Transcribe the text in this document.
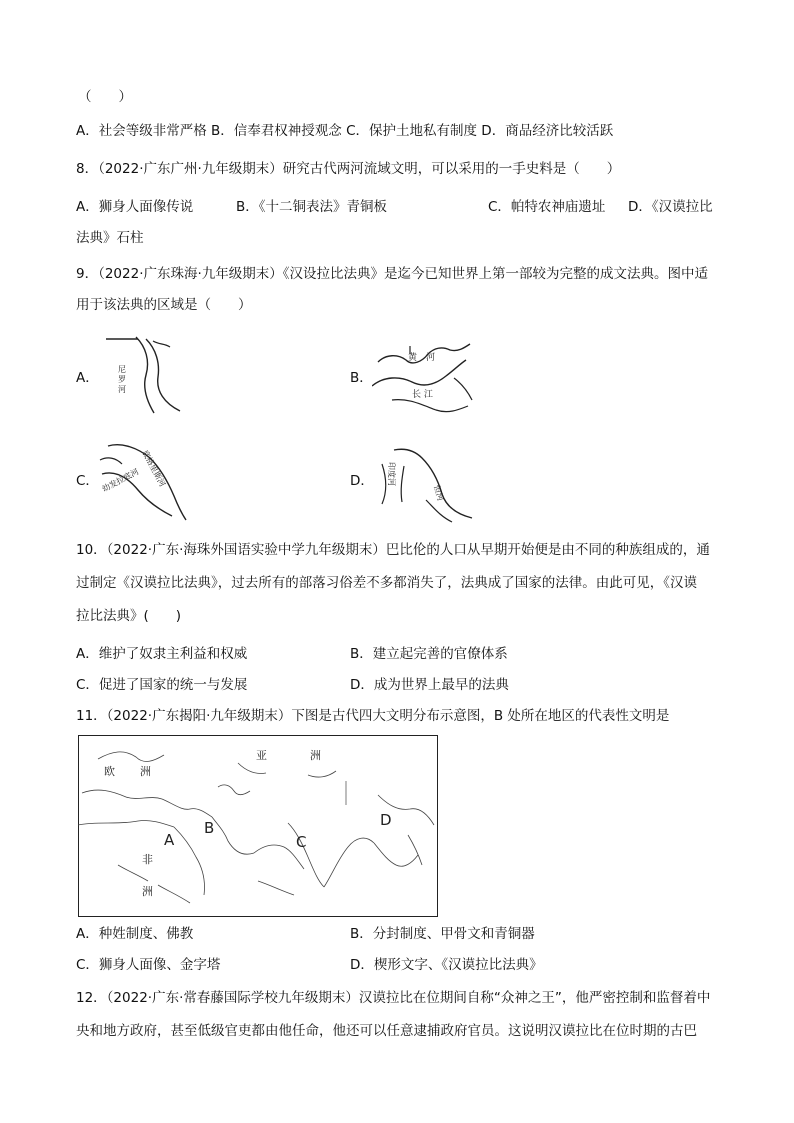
（　　）
A．社会等级非常严格 B．信奉君权神授观念 C．保护土地私有制度 D．商品经济比较活跃
8．（2022·广东广州·九年级期末）研究古代两河流域文明，可以采用的一手史料是（　　）
A．狮身人面像传说	B．《十二铜表法》青铜板	C．帕特农神庙遗址 D．《汉谟拉比
法典》石柱
9．（2022·广东珠海·九年级期末）《汉设拉比法典》是迄今已知世界上第一部较为完整的成文法典。图中适
用于该法典的区域是（　　）
A．	B．
C．	D．
尼
罗
河
黄　河
长 江
底格里斯河
幼发拉底河	印度河
恒河
10．（2022·广东·海珠外国语实验中学九年级期末）巴比伦的人口从早期开始便是由不同的种族组成的，通
过制定《汉谟拉比法典》，过去所有的部落习俗差不多都消失了，法典成了国家的法律。由此可见，《汉谟
拉比法典》(　　)
A．维护了奴隶主利益和权威	B．建立起完善的官僚体系
C．促进了国家的统一与发展	D．成为世界上最早的法典
11．（2022·广东揭阳·九年级期末）下图是古代四大文明分布示意图，B 处所在地区的代表性文明是
欧 洲
亚	洲
非
洲
A
B
C
D
A．种姓制度、佛教	B．分封制度、甲骨文和青铜器
C．狮身人面像、金字塔	D．楔形文字、《汉谟拉比法典》
12．（2022·广东·常春藤国际学校九年级期末）汉谟拉比在位期间自称“众神之王”，他严密控制和监督着中
央和地方政府，甚至低级官吏都由他任命，他还可以任意逮捕政府官员。这说明汉谟拉比在位时期的古巴
